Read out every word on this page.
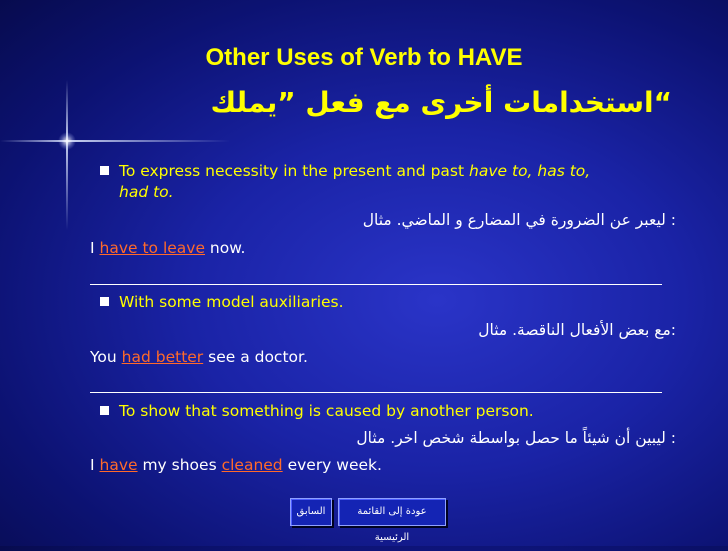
Other Uses of Verb to HAVE
“استخدامات أخرى مع فعل ”يملك
To express necessity in the present and past have to, has to,
had to.
: ليعبر عن الضرورة في المضارع و الماضي. مثال
I have to leave now.
With some model auxiliaries.
:مع بعض الأفعال الناقصة. مثال
You had better see a doctor.
To show that something is caused by another person.
: ليبين أن شيئاً ما حصل بواسطة شخص اخر. مثال
I have my shoes cleaned every week.
السابق	عودة إلى القائمة الرئيسية
